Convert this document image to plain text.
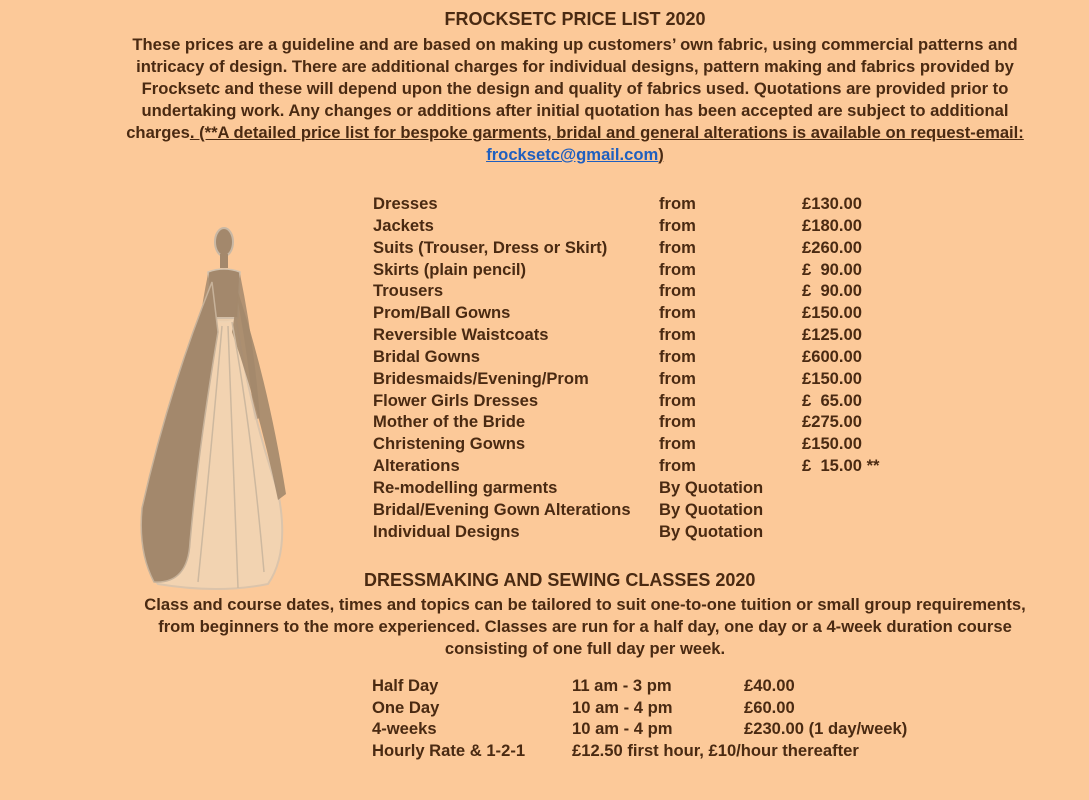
FROCKSETC PRICE LIST 2020
These prices are a guideline and are based on making up customers’ own fabric, using commercial patterns and intricacy of design. There are additional charges for individual designs, pattern making and fabrics provided by Frocksetc and these will depend upon the design and quality of fabrics used. Quotations are provided prior to undertaking work. Any changes or additions after initial quotation has been accepted are subject to additional charges. (**A detailed price list for bespoke garments, bridal and general alterations is available on request-email: frocksetc@gmail.com)
Dresses	from	£130.00
Jackets	from	£180.00
Suits (Trouser, Dress or Skirt)	from	£260.00
Skirts (plain pencil)	from	£  90.00
Trousers	from	£  90.00
Prom/Ball Gowns	from	£150.00
Reversible Waistcoats	from	£125.00
Bridal Gowns	from	£600.00
Bridesmaids/Evening/Prom	from	£150.00
Flower Girls Dresses	from	£  65.00
Mother of the Bride	from	£275.00
Christening Gowns	from	£150.00
Alterations	from	£  15.00 **
Re-modelling garments	By Quotation	
Bridal/Evening Gown Alterations	By Quotation	
Individual Designs	By Quotation	
DRESSMAKING AND SEWING CLASSES 2020
Class and course dates, times and topics can be tailored to suit one-to-one tuition or small group requirements, from beginners to the more experienced. Classes are run for a half day, one day or a 4-week duration course consisting of one full day per week.
Half Day	11 am - 3 pm	£40.00
One Day	10 am - 4 pm	£60.00
4-weeks	10 am - 4 pm	£230.00 (1 day/week)
Hourly Rate & 1-2-1	£12.50 first hour, £10/hour thereafter	
